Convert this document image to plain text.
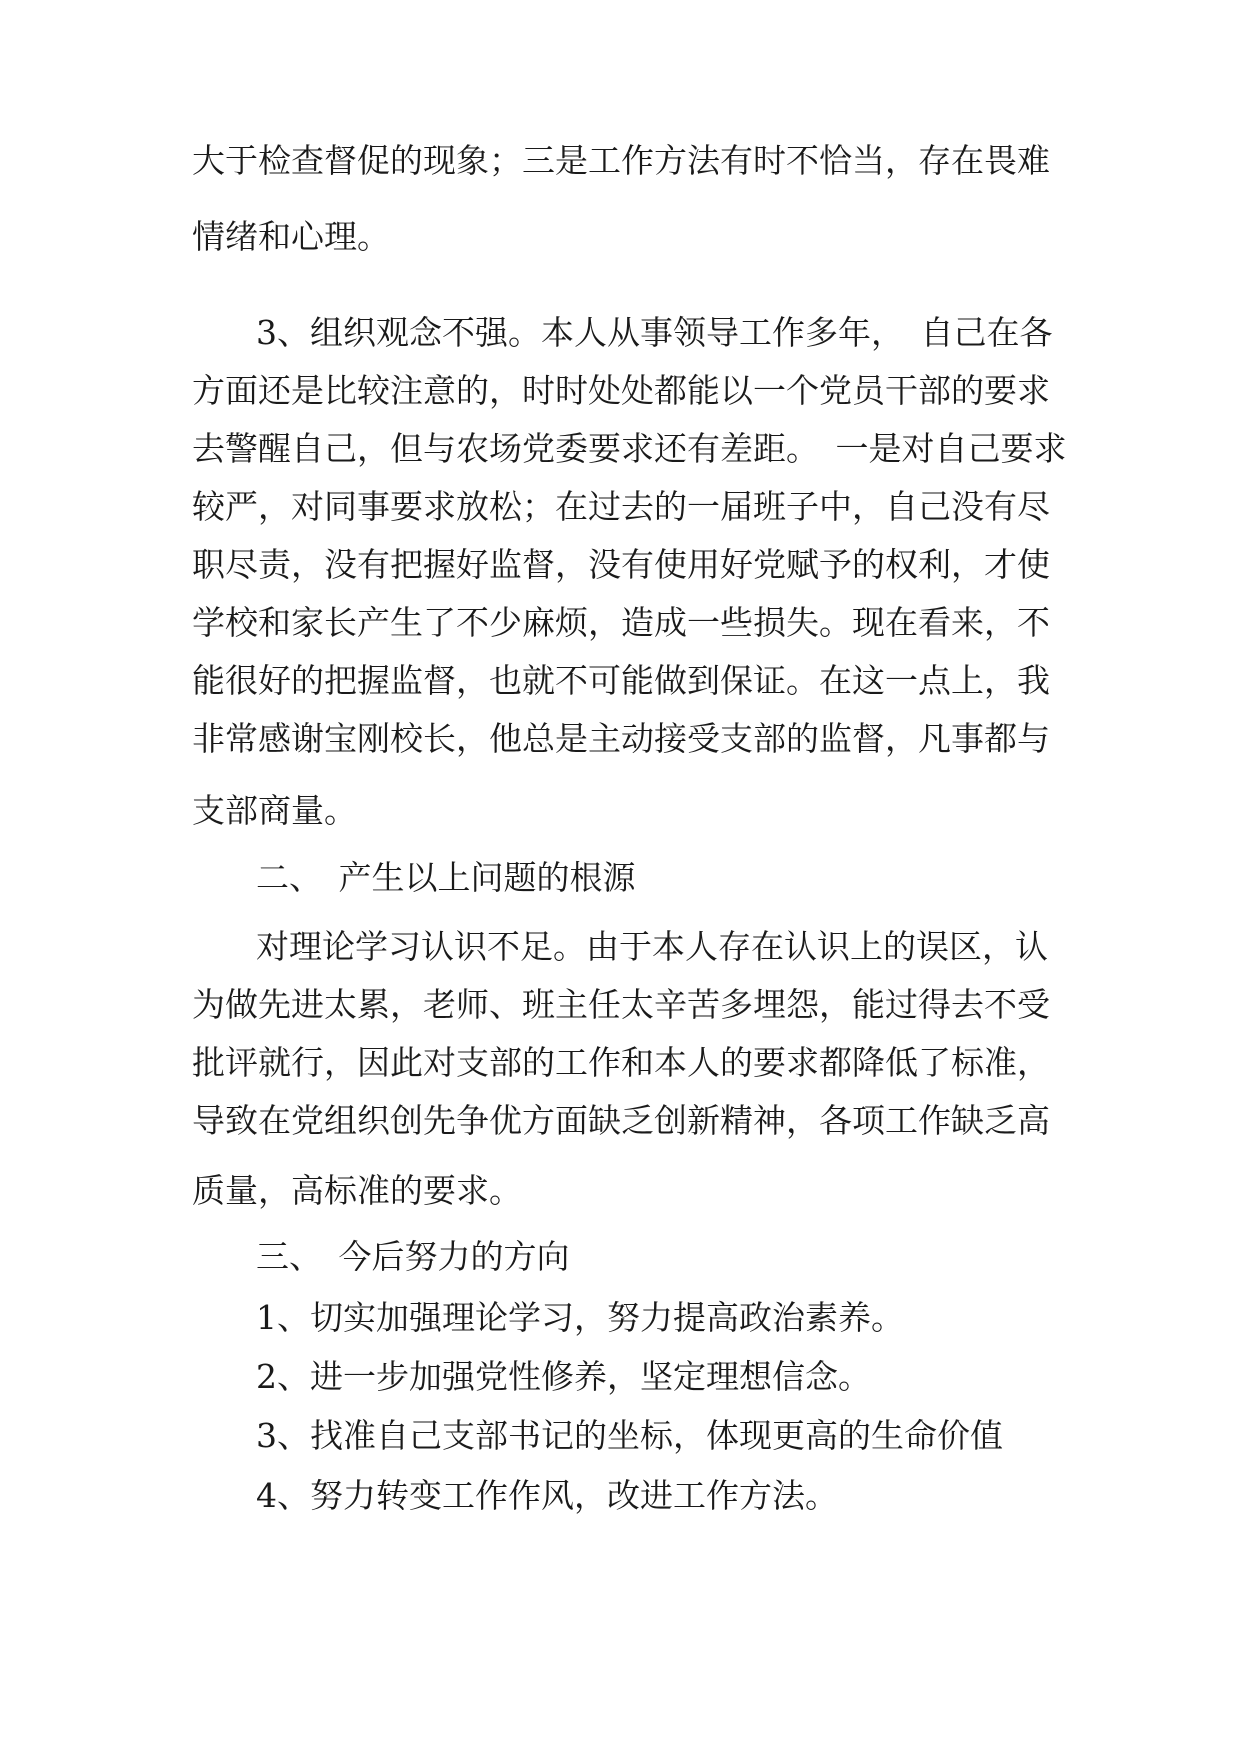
大于检查督促的现象；三是工作方法有时不恰当，存在畏难
情绪和心理。
3、组织观念不强。本人从事领导工作多年，　自己在各
方面还是比较注意的，时时处处都能以一个党员干部的要求
去警醒自己，但与农场党委要求还有差距。　一是对自己要求
较严，对同事要求放松；在过去的一届班子中，自己没有尽
职尽责，没有把握好监督，没有使用好党赋予的权利，才使
学校和家长产生了不少麻烦，造成一些损失。现在看来，不
能很好的把握监督，也就不可能做到保证。在这一点上，我
非常感谢宝刚校长，他总是主动接受支部的监督，凡事都与
支部商量。
二、　产生以上问题的根源
对理论学习认识不足。由于本人存在认识上的误区，认
为做先进太累，老师、班主任太辛苦多埋怨，能过得去不受
批评就行，因此对支部的工作和本人的要求都降低了标准，
导致在党组织创先争优方面缺乏创新精神，各项工作缺乏高
质量，高标准的要求。
三、　今后努力的方向
1、切实加强理论学习，努力提高政治素养。
2、进一步加强党性修养，坚定理想信念。
3、找准自己支部书记的坐标，体现更高的生命价值
4、努力转变工作作风，改进工作方法。
